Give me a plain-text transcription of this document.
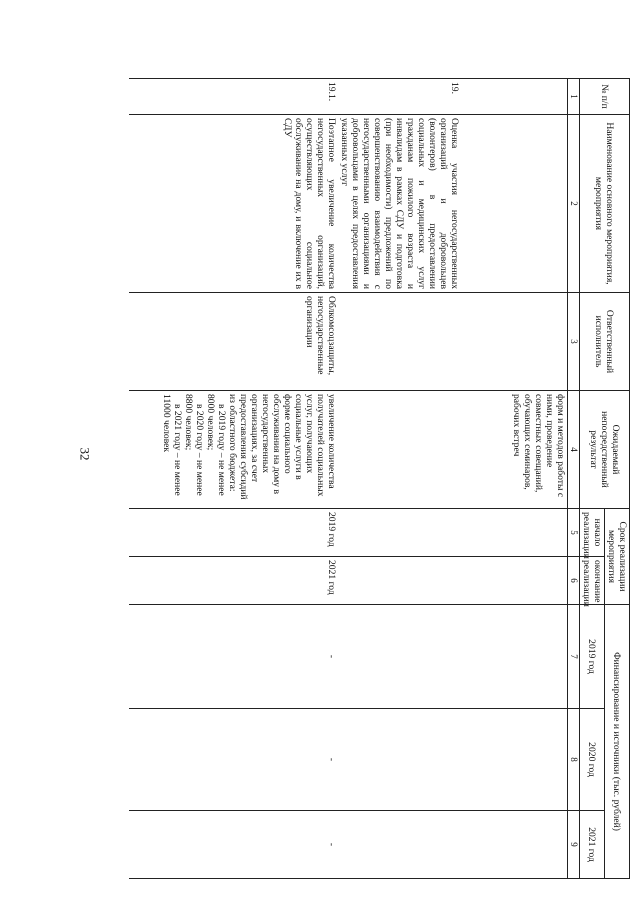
32
№ п/п	Наименование основного мероприятия, мероприятия	Ответственный исполнитель	Ожидаемый непосредственный результат	Срок реализации мероприятия		Финансирование и источники (тыс. рублей)		
				начало реализации	окончание реализации	2019 год	2020 год	2021 год

1	2	3	4	5	6	7	8	9
			форм и методов работы с ними, проведение совместных совещаний, обучающих семинаров, рабочих встреч					
19.	Оценка участия негосударственных организаций и добровольцев (волонтеров) в предоставлении социальных и медицинских услуг гражданам пожилого возраста и инвалидам в рамках СДУ и подготовка (при необходимости) предложений по совершенствованию взаимодействия с негосударственными организациями и добровольцами в целях предоставления указанных услуг							
19.1.	Поэтапное увеличение количества негосударственных организаций, осуществляющих социальное обслуживание на дому, и включение их в СДУ	Облкомсоцзащиты, негосударственные организации	увеличение количества получателей социальных услуг, получающих социальные услуги в форме социального обслуживания на дому в негосударственных организациях, за счет предоставления субсидий из областного бюджета:
в 2019 году – не менее 8000 человек;
в 2020 году – не менее 8800 человек;
в 2021 году – не менее 11000 человек	2019 год	2021 год	-	-	-
